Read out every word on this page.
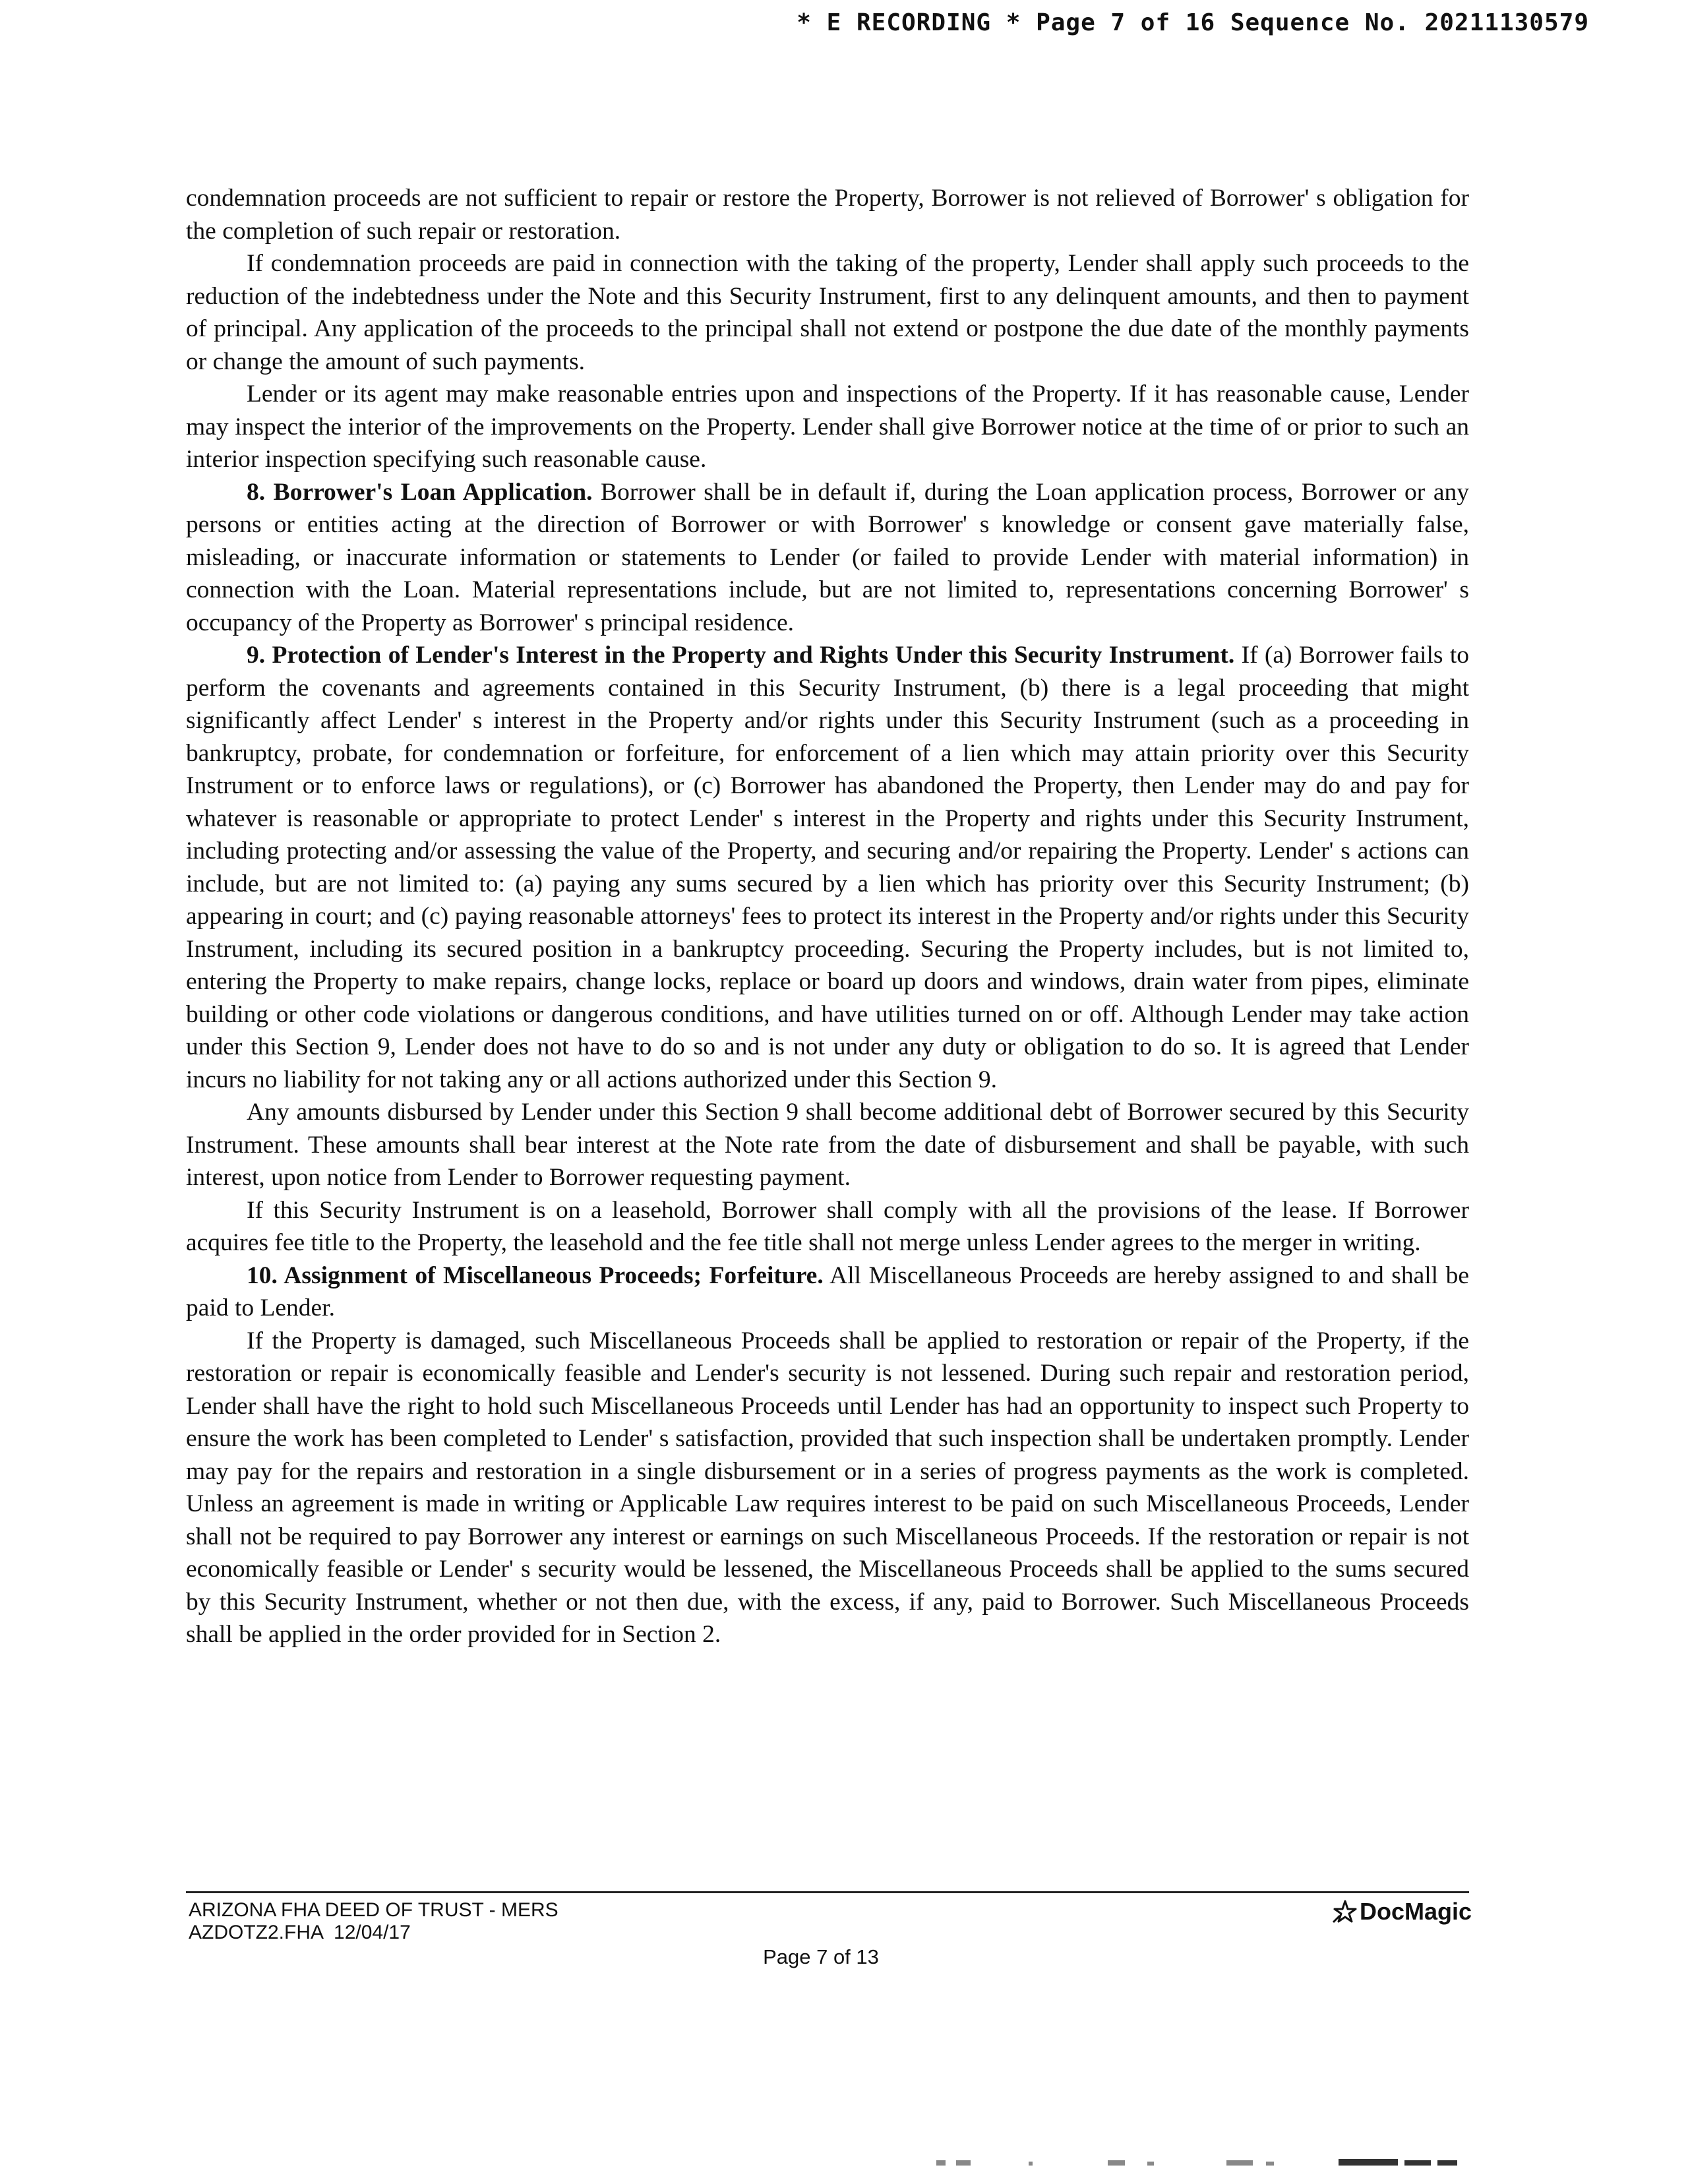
* E RECORDING * Page 7 of 16 Sequence No. 20211130579

condemnation proceeds are not sufficient to repair or restore the Property, Borrower is not relieved of Borrower' s obligation for the completion of such repair or restoration.

If condemnation proceeds are paid in connection with the taking of the property, Lender shall apply such proceeds to the reduction of the indebtedness under the Note and this Security Instrument, first to any delinquent amounts, and then to payment of principal. Any application of the proceeds to the principal shall not extend or postpone the due date of the monthly payments or change the amount of such payments.

Lender or its agent may make reasonable entries upon and inspections of the Property. If it has reasonable cause, Lender may inspect the interior of the improvements on the Property. Lender shall give Borrower notice at the time of or prior to such an interior inspection specifying such reasonable cause.

8. Borrower's Loan Application. Borrower shall be in default if, during the Loan application process, Borrower or any persons or entities acting at the direction of Borrower or with Borrower' s knowledge or consent gave materially false, misleading, or inaccurate information or statements to Lender (or failed to provide Lender with material information) in connection with the Loan. Material representations include, but are not limited to, representations concerning Borrower' s occupancy of the Property as Borrower' s principal residence.

9. Protection of Lender's Interest in the Property and Rights Under this Security Instrument. If (a) Borrower fails to perform the covenants and agreements contained in this Security Instrument, (b) there is a legal proceeding that might significantly affect Lender' s interest in the Property and/or rights under this Security Instrument (such as a proceeding in bankruptcy, probate, for condemnation or forfeiture, for enforcement of a lien which may attain priority over this Security Instrument or to enforce laws or regulations), or (c) Borrower has abandoned the Property, then Lender may do and pay for whatever is reasonable or appropriate to protect Lender' s interest in the Property and rights under this Security Instrument, including protecting and/or assessing the value of the Property, and securing and/or repairing the Property. Lender' s actions can include, but are not limited to: (a) paying any sums secured by a lien which has priority over this Security Instrument; (b) appearing in court; and (c) paying reasonable attorneys' fees to protect its interest in the Property and/or rights under this Security Instrument, including its secured position in a bankruptcy proceeding. Securing the Property includes, but is not limited to, entering the Property to make repairs, change locks, replace or board up doors and windows, drain water from pipes, eliminate building or other code violations or dangerous conditions, and have utilities turned on or off. Although Lender may take action under this Section 9, Lender does not have to do so and is not under any duty or obligation to do so. It is agreed that Lender incurs no liability for not taking any or all actions authorized under this Section 9.

Any amounts disbursed by Lender under this Section 9 shall become additional debt of Borrower secured by this Security Instrument. These amounts shall bear interest at the Note rate from the date of disbursement and shall be payable, with such interest, upon notice from Lender to Borrower requesting payment.

If this Security Instrument is on a leasehold, Borrower shall comply with all the provisions of the lease. If Borrower acquires fee title to the Property, the leasehold and the fee title shall not merge unless Lender agrees to the merger in writing.

10. Assignment of Miscellaneous Proceeds; Forfeiture. All Miscellaneous Proceeds are hereby assigned to and shall be paid to Lender.

If the Property is damaged, such Miscellaneous Proceeds shall be applied to restoration or repair of the Property, if the restoration or repair is economically feasible and Lender's security is not lessened. During such repair and restoration period, Lender shall have the right to hold such Miscellaneous Proceeds until Lender has had an opportunity to inspect such Property to ensure the work has been completed to Lender' s satisfaction, provided that such inspection shall be undertaken promptly. Lender may pay for the repairs and restoration in a single disbursement or in a series of progress payments as the work is completed. Unless an agreement is made in writing or Applicable Law requires interest to be paid on such Miscellaneous Proceeds, Lender shall not be required to pay Borrower any interest or earnings on such Miscellaneous Proceeds. If the restoration or repair is not economically feasible or Lender' s security would be lessened, the Miscellaneous Proceeds shall be applied to the sums secured by this Security Instrument, whether or not then due, with the excess, if any, paid to Borrower. Such Miscellaneous Proceeds shall be applied in the order provided for in Section 2.

ARIZONA FHA DEED OF TRUST - MERS
AZDOTZ2.FHA  12/04/17
DocMagic
Page 7 of 13
